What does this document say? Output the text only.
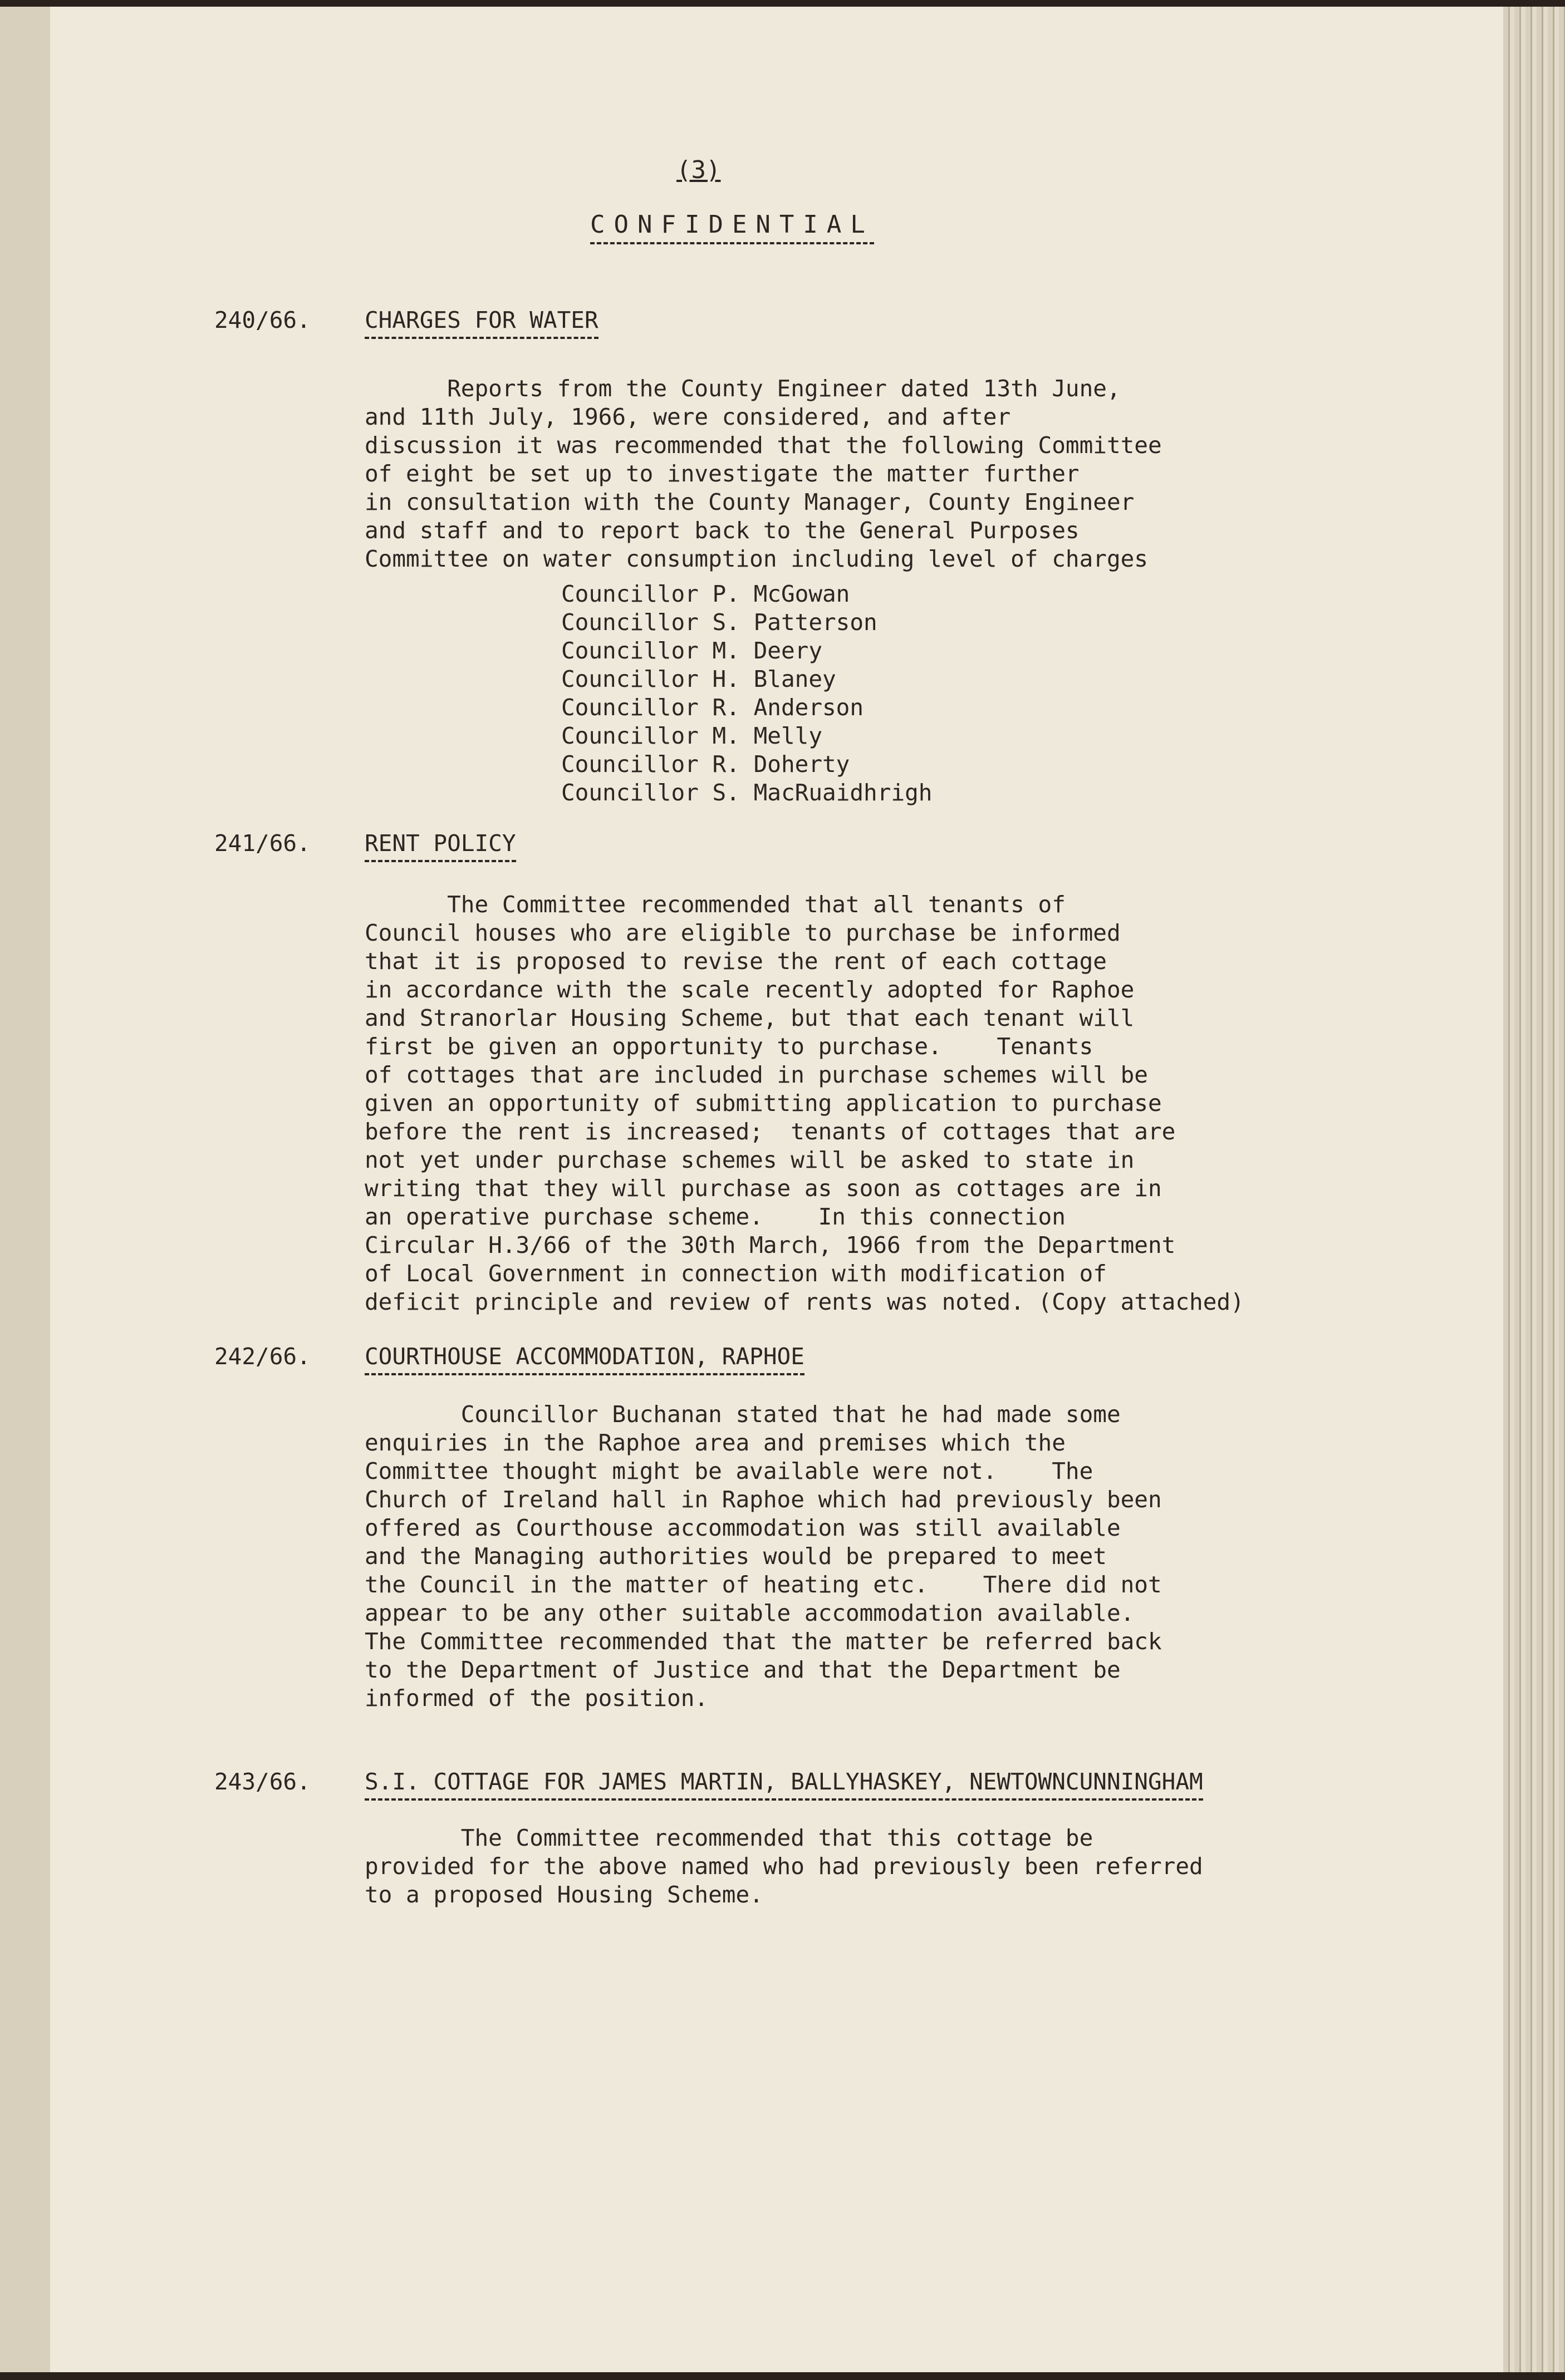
(3)
CONFIDENTIAL
240/66. CHARGES FOR WATER
Reports from the County Engineer dated 13th June,
and 11th July, 1966, were considered, and after
discussion it was recommended that the following Committee
of eight be set up to investigate the matter further
in consultation with the County Manager, County Engineer
and staff and to report back to the General Purposes
Committee on water consumption including level of charges
Councillor P. McGowan
Councillor S. Patterson
Councillor M. Deery
Councillor H. Blaney
Councillor R. Anderson
Councillor M. Melly
Councillor R. Doherty
Councillor S. MacRuaidhrigh
241/66. RENT POLICY
The Committee recommended that all tenants of
Council houses who are eligible to purchase be informed
that it is proposed to revise the rent of each cottage
in accordance with the scale recently adopted for Raphoe
and Stranorlar Housing Scheme, but that each tenant will
first be given an opportunity to purchase.    Tenants
of cottages that are included in purchase schemes will be
given an opportunity of submitting application to purchase
before the rent is increased;  tenants of cottages that are
not yet under purchase schemes will be asked to state in
writing that they will purchase as soon as cottages are in
an operative purchase scheme.    In this connection
Circular H.3/66 of the 30th March, 1966 from the Department
of Local Government in connection with modification of
deficit principle and review of rents was noted. (Copy attached)
242/66. COURTHOUSE ACCOMMODATION, RAPHOE
Councillor Buchanan stated that he had made some
enquiries in the Raphoe area and premises which the
Committee thought might be available were not.    The
Church of Ireland hall in Raphoe which had previously been
offered as Courthouse accommodation was still available
and the Managing authorities would be prepared to meet
the Council in the matter of heating etc.    There did not
appear to be any other suitable accommodation available.
The Committee recommended that the matter be referred back
to the Department of Justice and that the Department be
informed of the position.
243/66. S.I. COTTAGE FOR JAMES MARTIN, BALLYHASKEY, NEWTOWNCUNNINGHAM
The Committee recommended that this cottage be
provided for the above named who had previously been referred
to a proposed Housing Scheme.
